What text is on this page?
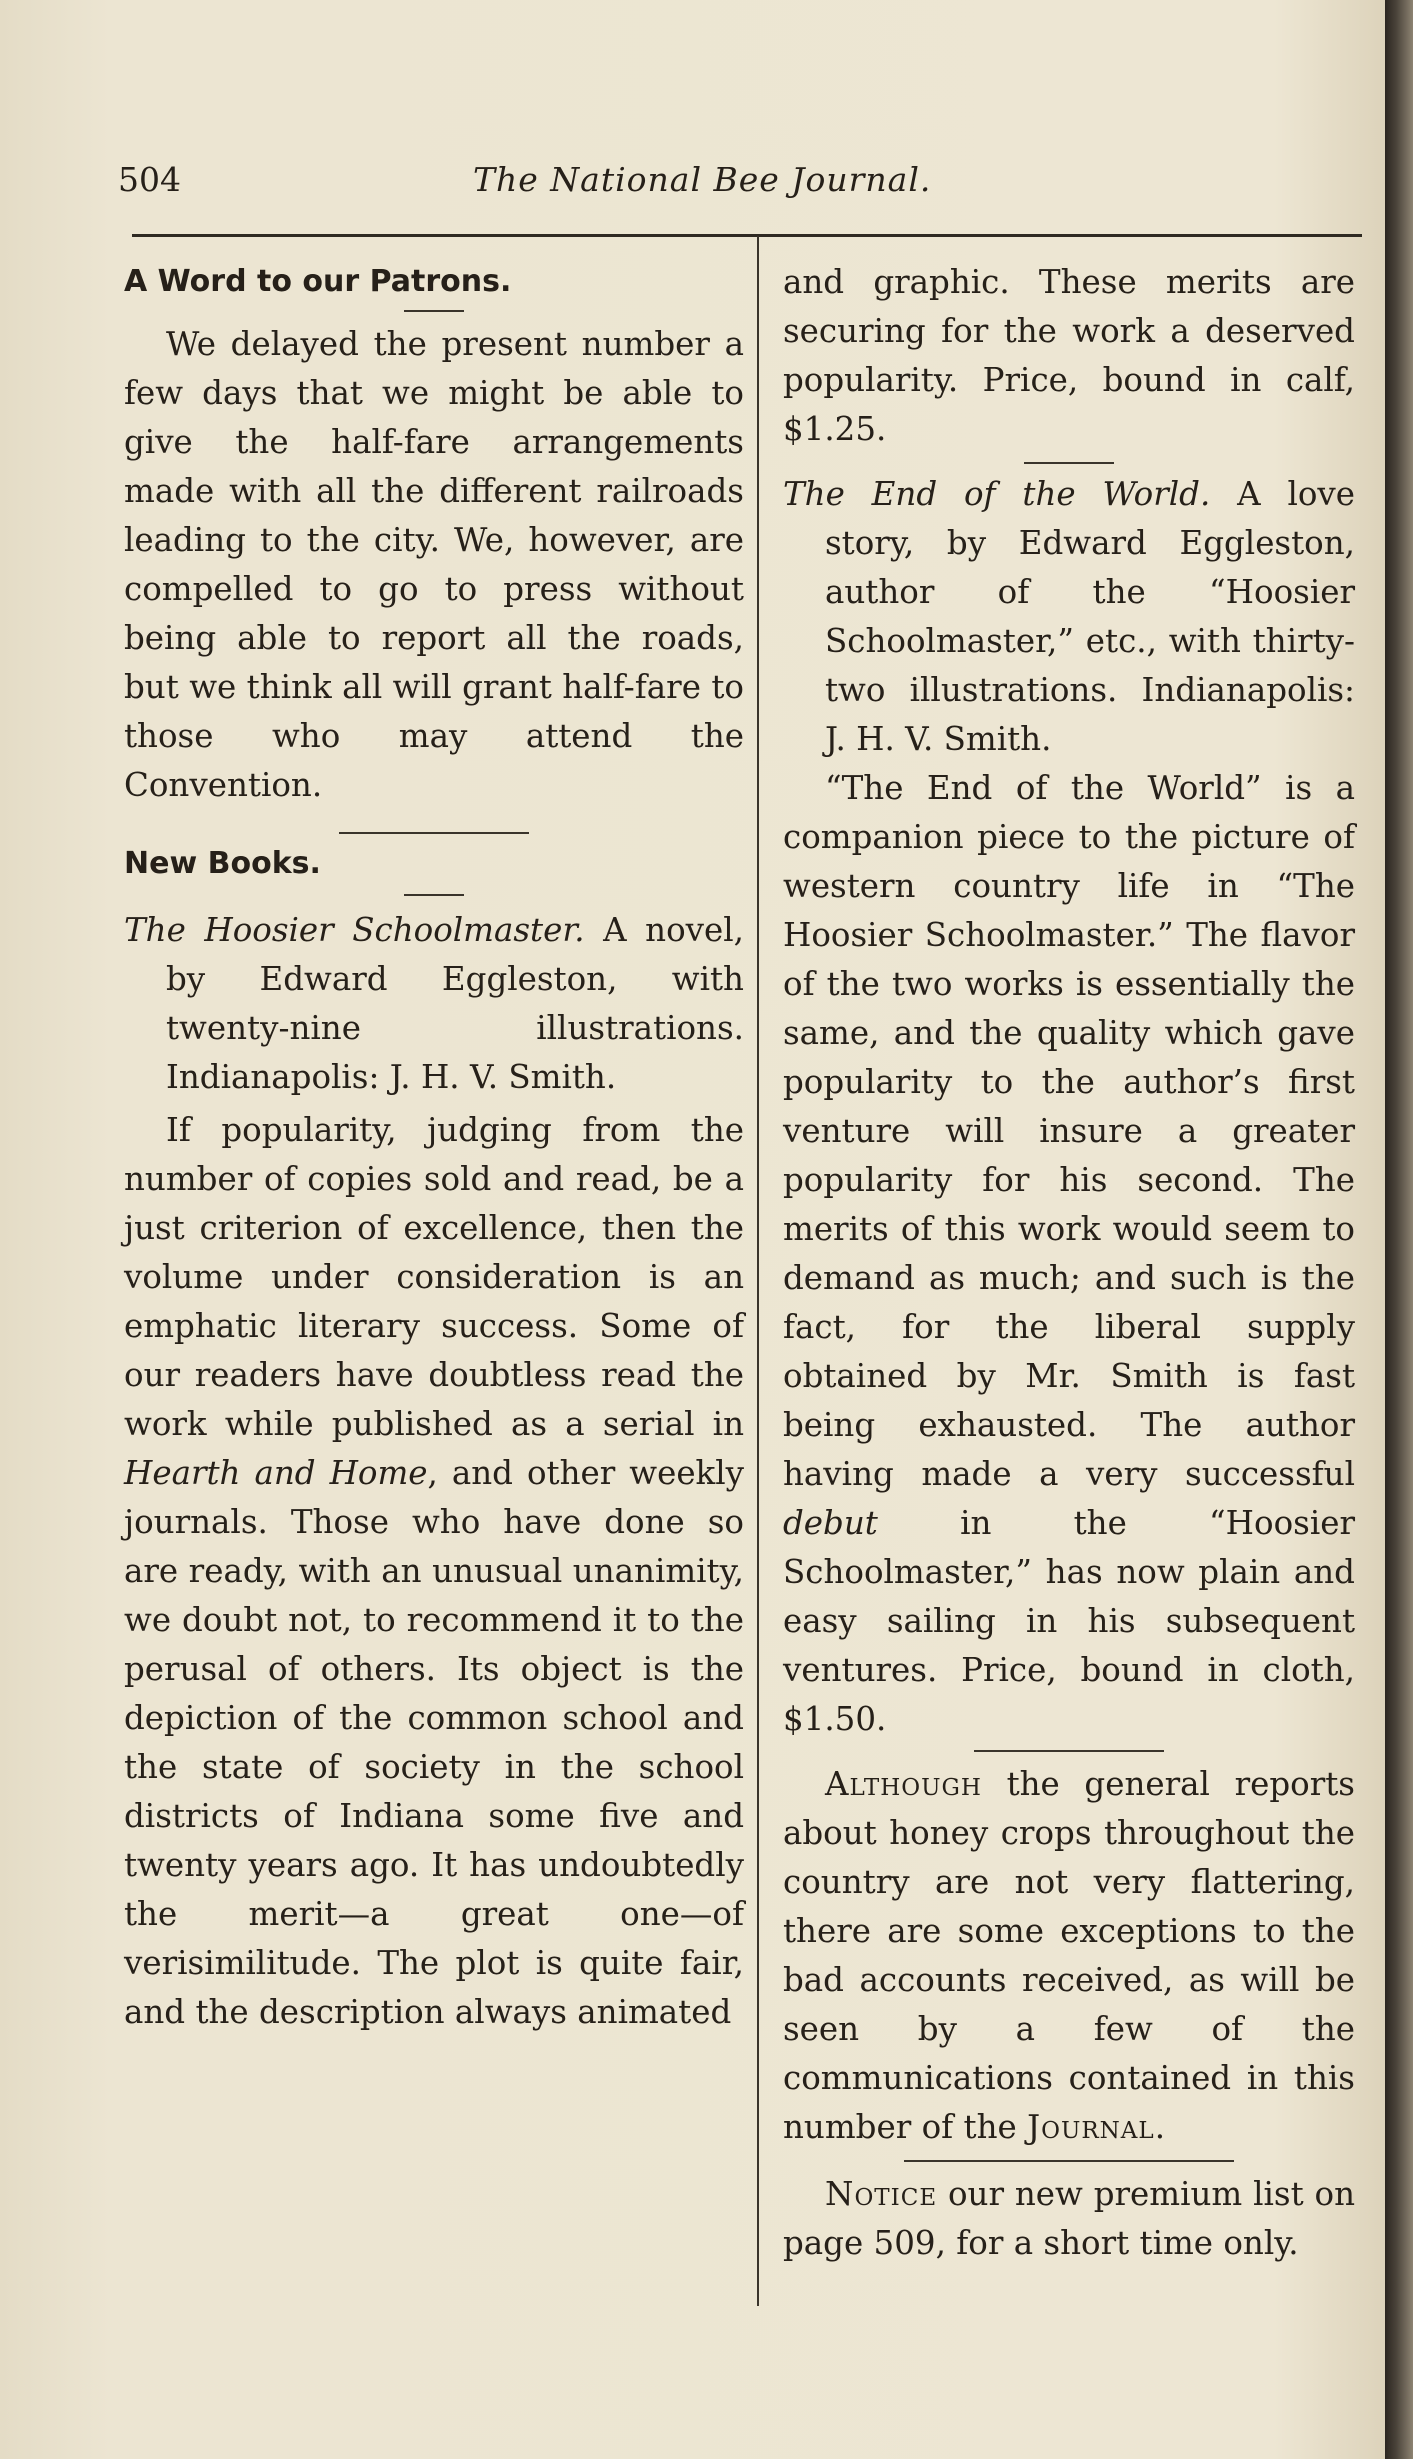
504	The National Bee Journal.

A Word to our Patrons.

We delayed the present number a few days that we might be able to give the half-fare arrangements made with all the different railroads leading to the city. We, however, are compelled to go to press without being able to report all the roads, but we think all will grant half-fare to those who may attend the Convention.

New Books.

The Hoosier Schoolmaster. A novel, by Edward Eggleston, with twenty-nine illustrations. Indianapolis: J. H. V. Smith.

If popularity, judging from the number of copies sold and read, be a just criterion of excellence, then the volume under consideration is an emphatic literary success. Some of our readers have doubtless read the work while published as a serial in Hearth and Home, and other weekly journals. Those who have done so are ready, with an unusual unanimity, we doubt not, to recommend it to the perusal of others. Its object is the depiction of the common school and the state of society in the school districts of Indiana some five and twenty years ago. It has undoubtedly the merit—a great one—of verisimilitude. The plot is quite fair, and the description always animated

and graphic. These merits are securing for the work a deserved popularity. Price, bound in calf, $1.25.

The End of the World. A love story, by Edward Eggleston, author of the “Hoosier Schoolmaster,” etc., with thirty-two illustrations. Indianapolis: J. H. V. Smith.

“The End of the World” is a companion piece to the picture of western country life in “The Hoosier Schoolmaster.” The flavor of the two works is essentially the same, and the quality which gave popularity to the author’s first venture will insure a greater popularity for his second. The merits of this work would seem to demand as much; and such is the fact, for the liberal supply obtained by Mr. Smith is fast being exhausted. The author having made a very successful debut in the “Hoosier Schoolmaster,” has now plain and easy sailing in his subsequent ventures. Price, bound in cloth, $1.50.

Although the general reports about honey crops throughout the country are not very flattering, there are some exceptions to the bad accounts received, as will be seen by a few of the communications contained in this number of the Journal.

Notice our new premium list on page 509, for a short time only.
